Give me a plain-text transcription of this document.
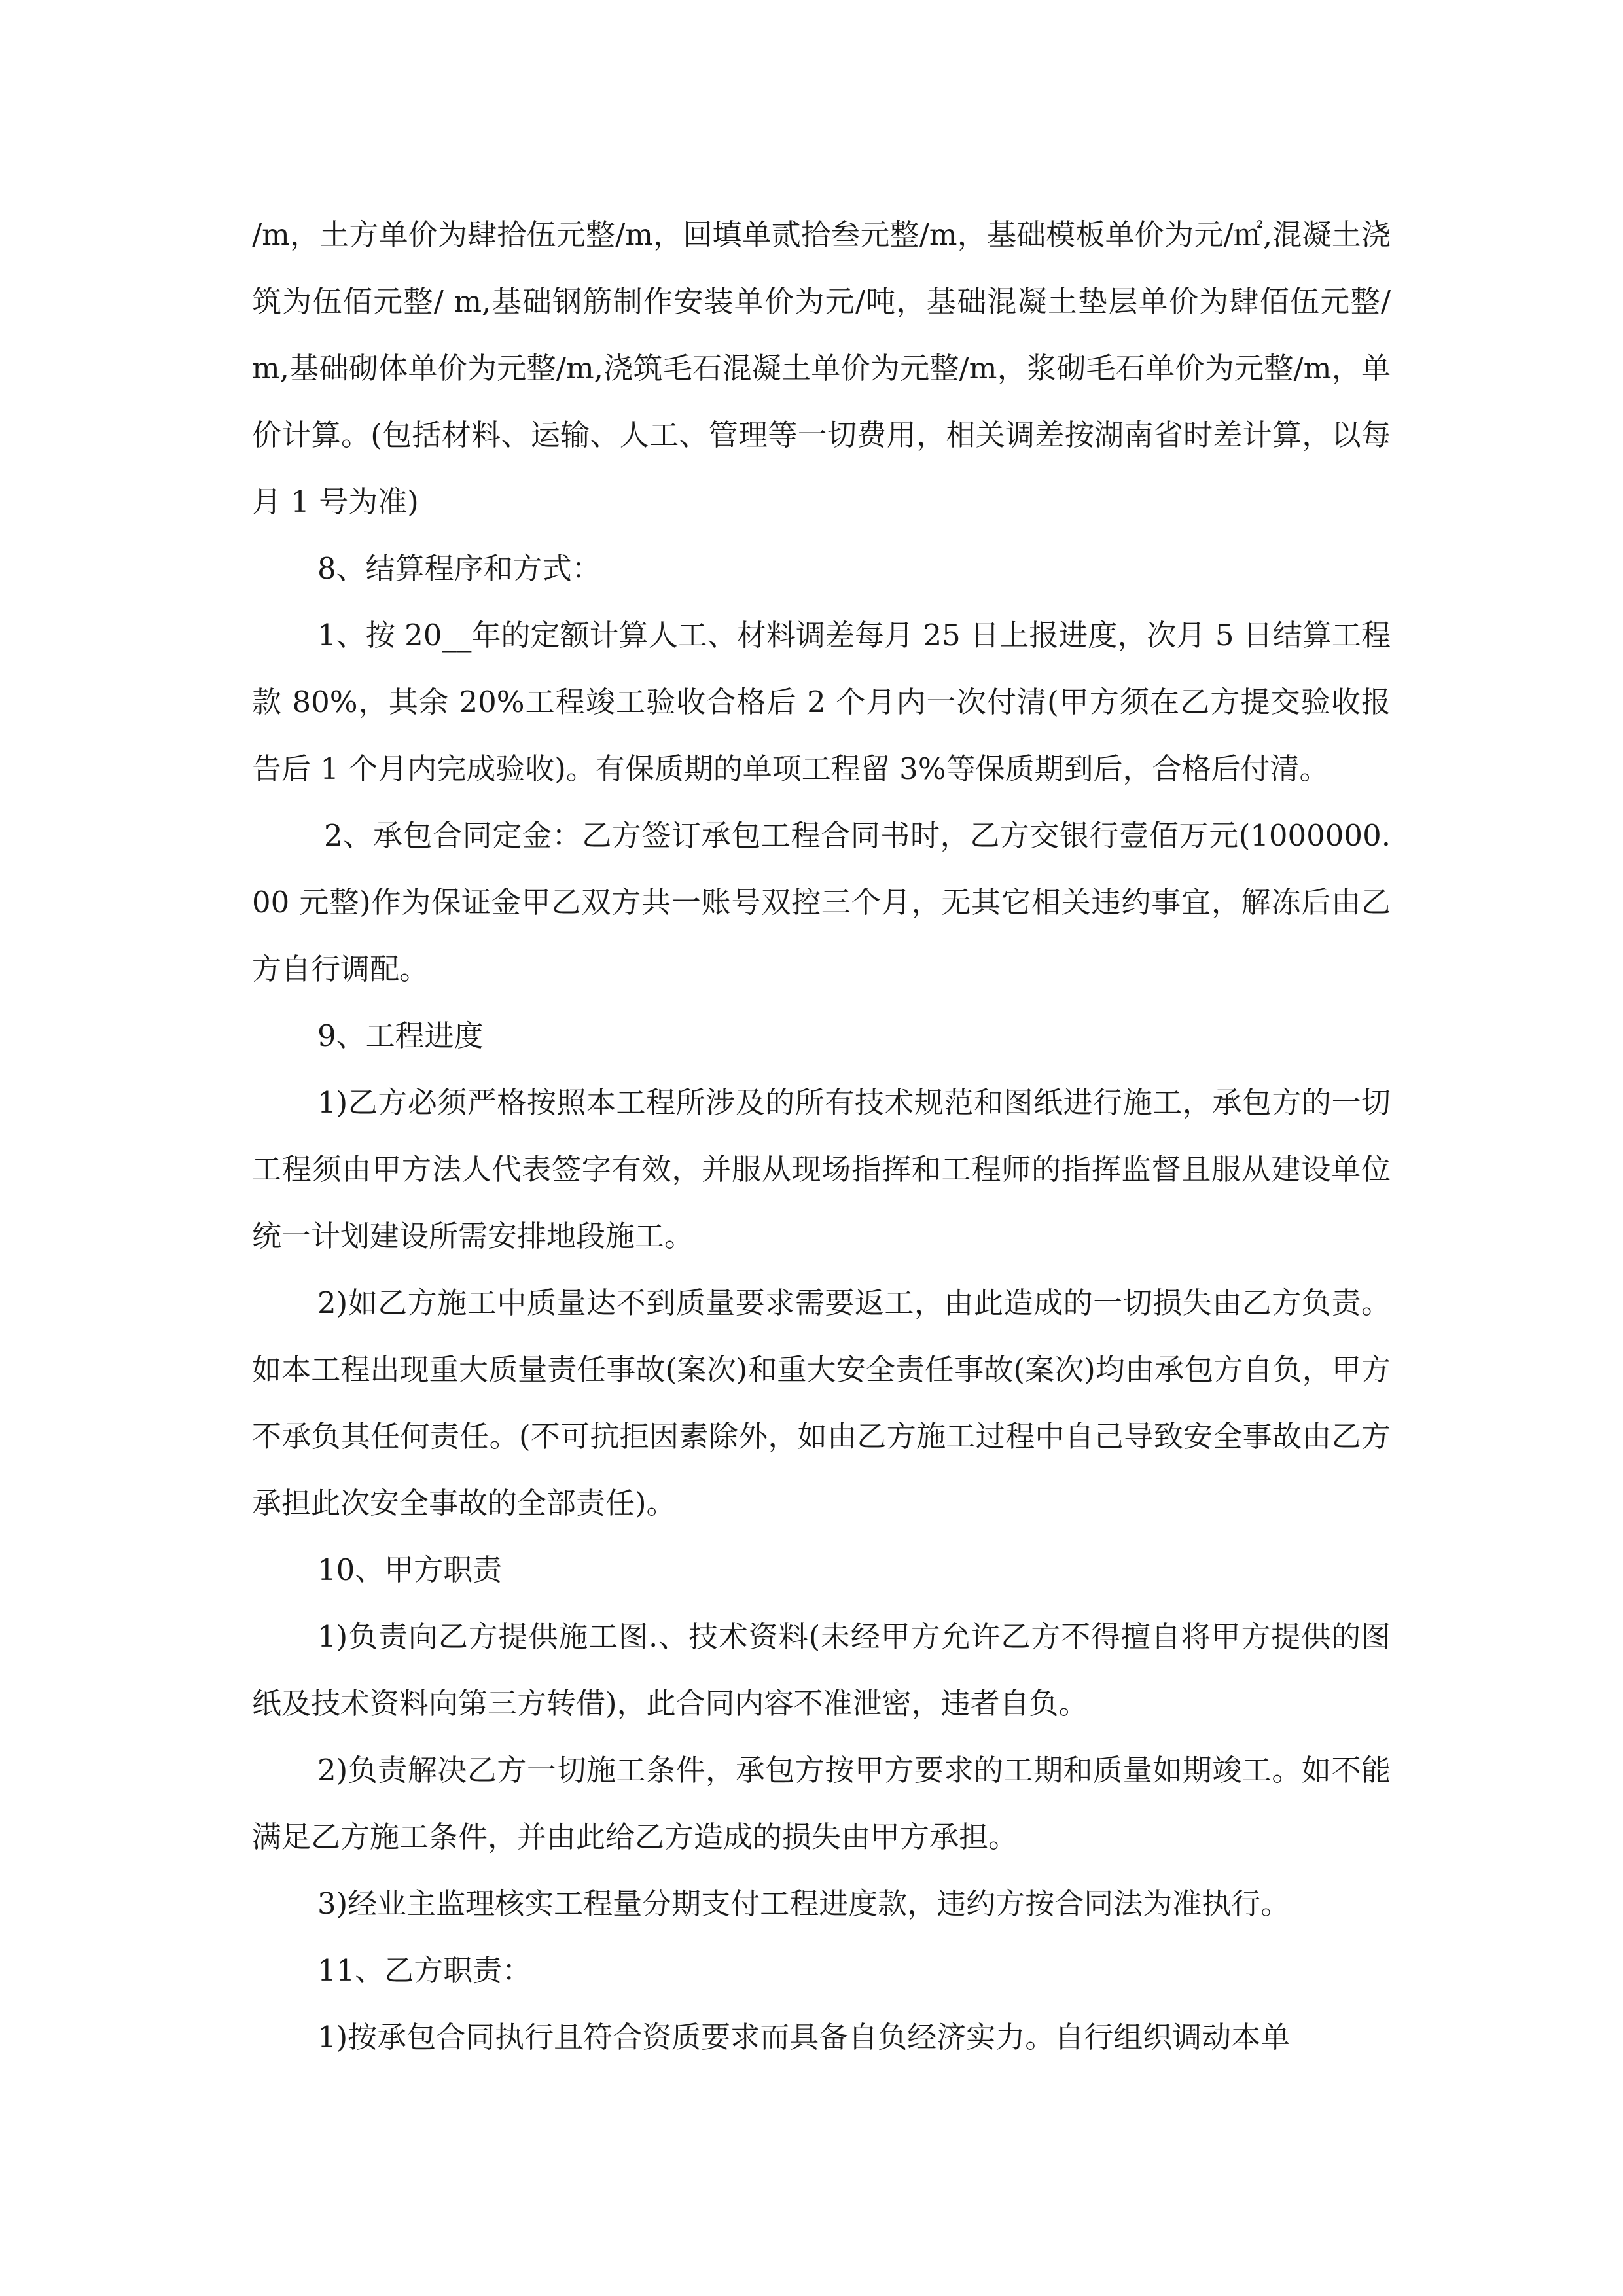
/m，土方单价为肆拾伍元整/m，回填单贰拾叁元整/m，基础模板单价为元/㎡,混凝土浇筑为伍佰元整/ m,基础钢筋制作安装单价为元/吨，基础混凝土垫层单价为肆佰伍元整/ m,基础砌体单价为元整/m,浇筑毛石混凝土单价为元整/m，浆砌毛石单价为元整/m，单价计算。(包括材料、运输、人工、管理等一切费用，相关调差按湖南省时差计算，以每月 1 号为准)

8、结算程序和方式：

1、按 20__年的定额计算人工、材料调差每月 25 日上报进度，次月 5 日结算工程款 80%，其余 20%工程竣工验收合格后 2 个月内一次付清(甲方须在乙方提交验收报告后 1 个月内完成验收)。有保质期的单项工程留 3%等保质期到后，合格后付清。

2、承包合同定金：乙方签订承包工程合同书时，乙方交银行壹佰万元(1000000.00 元整)作为保证金甲乙双方共一账号双控三个月，无其它相关违约事宜，解冻后由乙方自行调配。

9、工程进度

1)乙方必须严格按照本工程所涉及的所有技术规范和图纸进行施工，承包方的一切工程须由甲方法人代表签字有效，并服从现场指挥和工程师的指挥监督且服从建设单位统一计划建设所需安排地段施工。

2)如乙方施工中质量达不到质量要求需要返工，由此造成的一切损失由乙方负责。如本工程出现重大质量责任事故(案次)和重大安全责任事故(案次)均由承包方自负，甲方不承负其任何责任。(不可抗拒因素除外，如由乙方施工过程中自己导致安全事故由乙方承担此次安全事故的全部责任)。

10、甲方职责

1)负责向乙方提供施工图.、技术资料(未经甲方允许乙方不得擅自将甲方提供的图纸及技术资料向第三方转借)，此合同内容不准泄密，违者自负。

2)负责解决乙方一切施工条件，承包方按甲方要求的工期和质量如期竣工。如不能满足乙方施工条件，并由此给乙方造成的损失由甲方承担。

3)经业主监理核实工程量分期支付工程进度款，违约方按合同法为准执行。

11、乙方职责：

1)按承包合同执行且符合资质要求而具备自负经济实力。自行组织调动本单
